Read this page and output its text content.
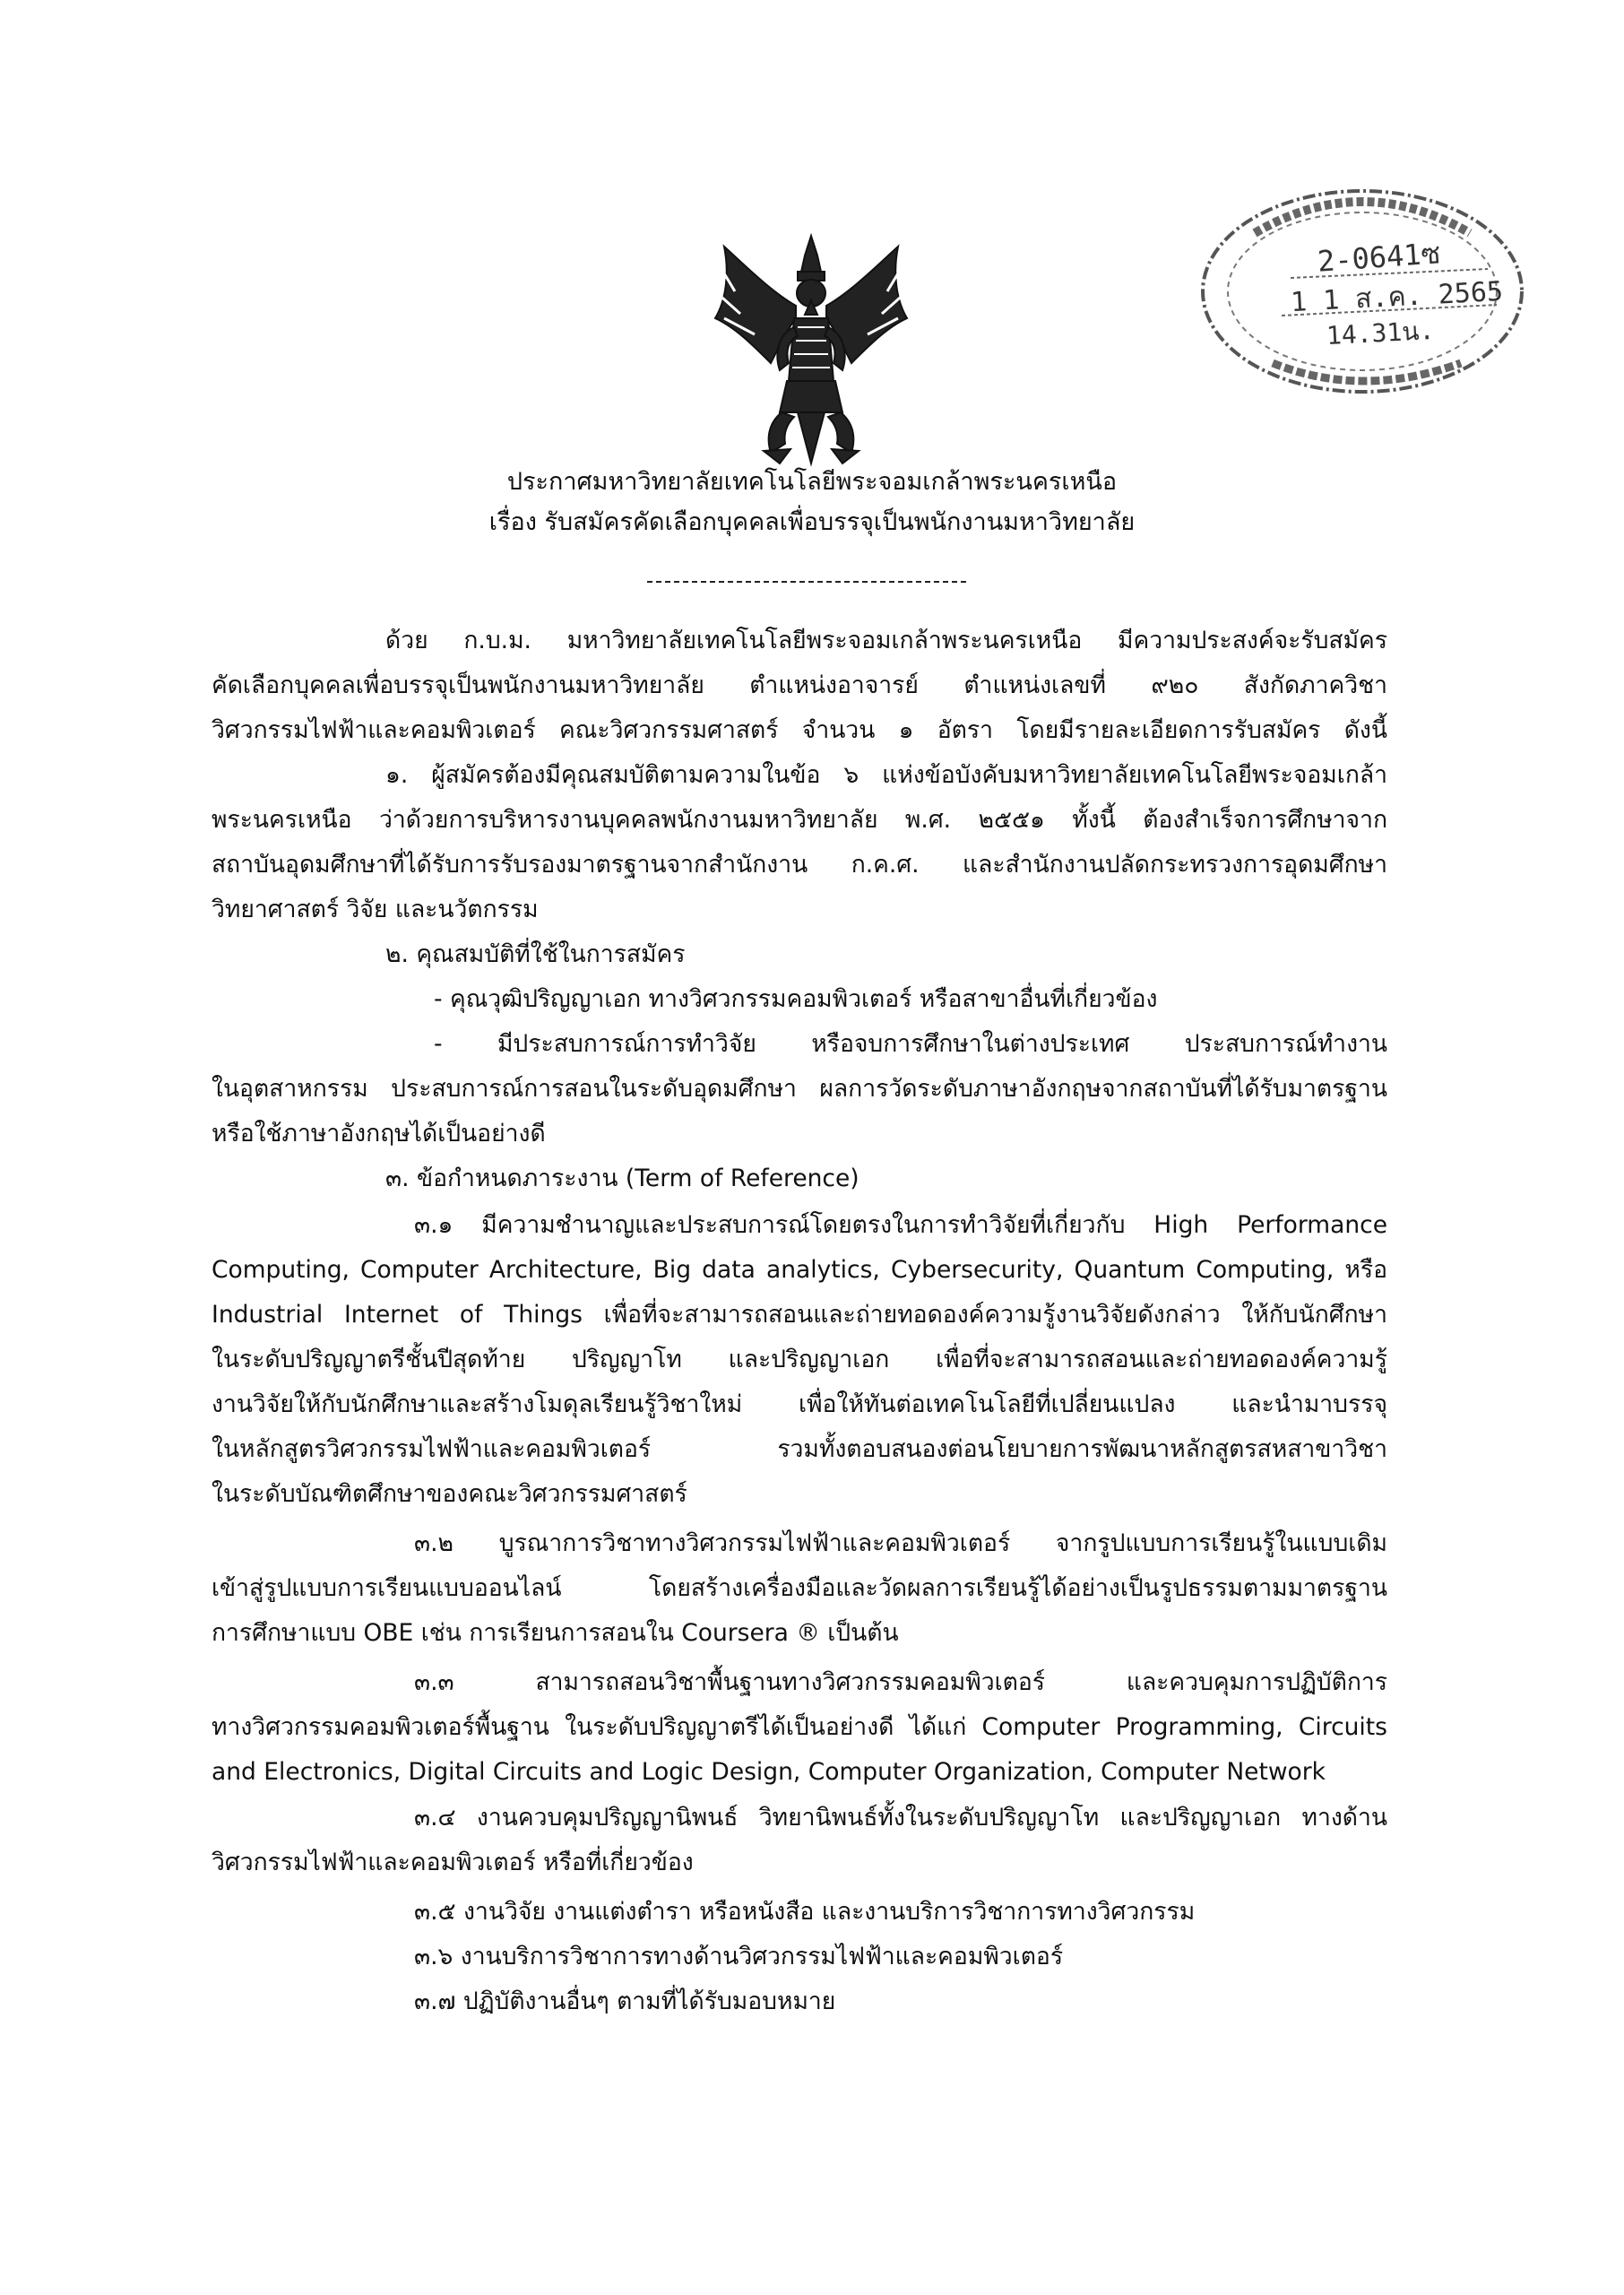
2-0641ซ
1 1 ส.ค. 2565
14.31น.
ประกาศมหาวิทยาลัยเทคโนโลยีพระจอมเกล้าพระนครเหนือ
เรื่อง รับสมัครคัดเลือกบุคคลเพื่อบรรจุเป็นพนักงานมหาวิทยาลัย
ด้วย ก.บ.ม. มหาวิทยาลัยเทคโนโลยีพระจอมเกล้าพระนครเหนือ มีความประสงค์จะรับสมัคร
คัดเลือกบุคคลเพื่อบรรจุเป็นพนักงานมหาวิทยาลัย ตำแหน่งอาจารย์ ตำแหน่งเลขที่ ๙๒๐ สังกัดภาควิชา
วิศวกรรมไฟฟ้าและคอมพิวเตอร์ คณะวิศวกรรมศาสตร์ จำนวน ๑ อัตรา โดยมีรายละเอียดการรับสมัคร ดังนี้
๑. ผู้สมัครต้องมีคุณสมบัติตามความในข้อ ๖ แห่งข้อบังคับมหาวิทยาลัยเทคโนโลยีพระจอมเกล้า
พระนครเหนือ ว่าด้วยการบริหารงานบุคคลพนักงานมหาวิทยาลัย พ.ศ. ๒๕๕๑ ทั้งนี้ ต้องสำเร็จการศึกษาจาก
สถาบันอุดมศึกษาที่ได้รับการรับรองมาตรฐานจากสำนักงาน ก.ค.ศ. และสำนักงานปลัดกระทรวงการอุดมศึกษา
วิทยาศาสตร์ วิจัย และนวัตกรรม
๒. คุณสมบัติที่ใช้ในการสมัคร
- คุณวุฒิปริญญาเอก ทางวิศวกรรมคอมพิวเตอร์ หรือสาขาอื่นที่เกี่ยวข้อง
- มีประสบการณ์การทำวิจัย หรือจบการศึกษาในต่างประเทศ ประสบการณ์ทำงาน
ในอุตสาหกรรม ประสบการณ์การสอนในระดับอุดมศึกษา ผลการวัดระดับภาษาอังกฤษจากสถาบันที่ได้รับมาตรฐาน
หรือใช้ภาษาอังกฤษได้เป็นอย่างดี
๓. ข้อกำหนดภาระงาน (Term of Reference)
๓.๑ มีความชำนาญและประสบการณ์โดยตรงในการทำวิจัยที่เกี่ยวกับ High Performance
Computing, Computer Architecture, Big data analytics, Cybersecurity, Quantum Computing, หรือ
Industrial Internet of Things เพื่อที่จะสามารถสอนและถ่ายทอดองค์ความรู้งานวิจัยดังกล่าว ให้กับนักศึกษา
ในระดับปริญญาตรีชั้นปีสุดท้าย ปริญญาโท และปริญญาเอก เพื่อที่จะสามารถสอนและถ่ายทอดองค์ความรู้
งานวิจัยให้กับนักศึกษาและสร้างโมดุลเรียนรู้วิชาใหม่ เพื่อให้ทันต่อเทคโนโลยีที่เปลี่ยนแปลง และนำมาบรรจุ
ในหลักสูตรวิศวกรรมไฟฟ้าและคอมพิวเตอร์ รวมทั้งตอบสนองต่อนโยบายการพัฒนาหลักสูตรสหสาขาวิชา
ในระดับบัณฑิตศึกษาของคณะวิศวกรรมศาสตร์
๓.๒ บูรณาการวิชาทางวิศวกรรมไฟฟ้าและคอมพิวเตอร์ จากรูปแบบการเรียนรู้ในแบบเดิม
เข้าสู่รูปแบบการเรียนแบบออนไลน์ โดยสร้างเครื่องมือและวัดผลการเรียนรู้ได้อย่างเป็นรูปธรรมตามมาตรฐาน
การศึกษาแบบ OBE เช่น การเรียนการสอนใน Coursera ® เป็นต้น
๓.๓ สามารถสอนวิชาพื้นฐานทางวิศวกรรมคอมพิวเตอร์ และควบคุมการปฏิบัติการ
ทางวิศวกรรมคอมพิวเตอร์พื้นฐาน ในระดับปริญญาตรีได้เป็นอย่างดี ได้แก่ Computer Programming, Circuits
and Electronics, Digital Circuits and Logic Design, Computer Organization, Computer Network
๓.๔ งานควบคุมปริญญานิพนธ์ วิทยานิพนธ์ทั้งในระดับปริญญาโท และปริญญาเอก ทางด้าน
วิศวกรรมไฟฟ้าและคอมพิวเตอร์ หรือที่เกี่ยวข้อง
๓.๕ งานวิจัย งานแต่งตำรา หรือหนังสือ และงานบริการวิชาการทางวิศวกรรม
๓.๖ งานบริการวิชาการทางด้านวิศวกรรมไฟฟ้าและคอมพิวเตอร์
๓.๗ ปฏิบัติงานอื่นๆ ตามที่ได้รับมอบหมาย
